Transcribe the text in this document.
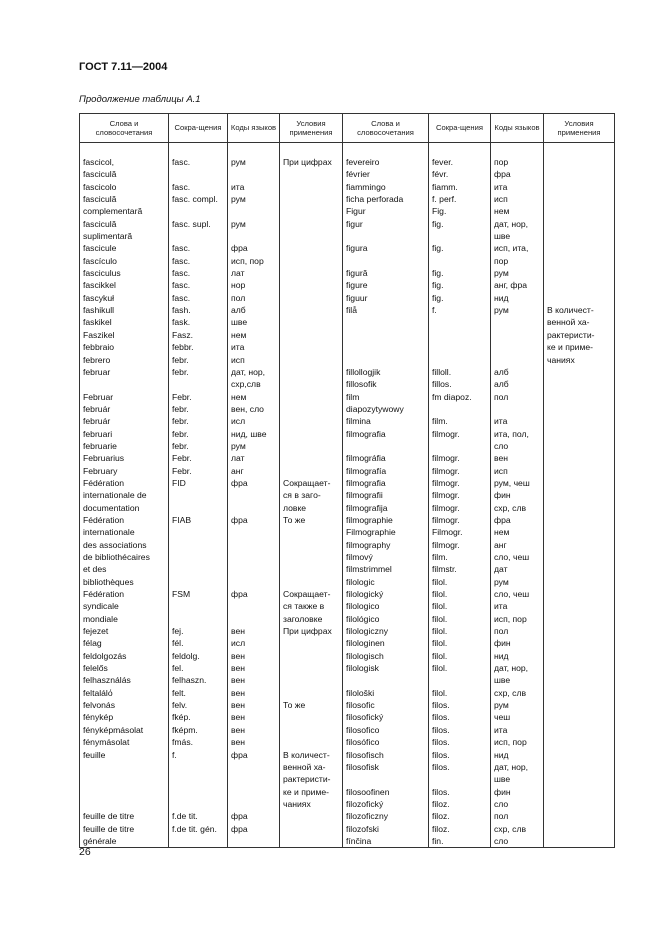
ГОСТ 7.11—2004
Продолжение таблицы А.1
Слова и словосочетания	Сокра-щения	Коды языков	Условия применения	Слова и словосочетания	Сокра-щения	Коды языков	Условия применения

fascicol,	fasc.	рум	При цифрах	fevereiro	fever.	пор	
fasciculă				février	févr.	фра	
fascicolo	fasc.	ита		fiammingo	fiamm.	ита	
fasciculă	fasc. compl.	рум		ficha perforada	f. perf.	исп	
complementară				Figur	Fig.	нем	
fasciculă	fasc. supl.	рум		figur	fig.	дат, нор,	
suplimentară						шве	
fascicule	fasc.	фра		figura	fig.	исп, ита,	
fascículo	fasc.	исп, пор				пор	
fasciculus	fasc.	лат		figură	fig.	рум	
fascikkel	fasc.	нор		figure	fig.	анг, фра	
fascykuł	fasc.	пол		figuur	fig.	нид	
fashikull	fash.	алб		filå	f.	рум	В количест-
faskikel	fask.	шве					венной ха-
Faszikel	Fasz.	нем					рактеристи-
febbraio	febbr.	ита					ке и приме-
febrero	febr.	исп					чаниях
februar	febr.	дат, нор,		fillollogjik	filloll.	алб	
		схр,слв		fillosofik	fillos.	алб	
Februar	Febr.	нем		film	fm diapoz.	пол	
február	febr.	вен, сло		diapozytywowy			
február	febr.	исл		filmina	film.	ита	
februari	febr.	нид, шве		filmografia	filmogr.	ита, пол,	
februarie	febr.	рум				сло	
Februarius	Febr.	лат		filmográfia	filmogr.	вен	
February	Febr.	анг		filmografía	filmogr.	исп	
Fédération	FID	фра	Сокращает-	filmografia	filmogr.	рум, чеш	
internationale de			ся в загo-	filmografii	filmogr.	фин	
documentation			ловке	filmografija	filmogr.	схр, слв	
Fédération	FIAB	фра	То же	filmographie	filmogr.	фра	
internationale				Filmographie	Filmogr.	нем	
des associations				filmography	filmogr.	анг	
de bibliothécaires				filmový	film.	сло, чеш	
et des				filmstrimmel	filmstr.	дат	
bibliothèques				filologic	filol.	рум	
Fédération	FSM	фра	Сокращает-	filologický	filol.	сло, чеш	
syndicale			ся также в	filologico	filol.	ита	
mondiale			заголовке	filológico	filol.	исп, пор	
fejezet	fej.	вен	При цифрах	filologiczny	filol.	пол	
félag	fél.	исл		filologinen	filol.	фин	
feldolgozás	feldolg.	вен		filologisch	filol.	нид	
felelős	fel.	вен		filologisk	filol.	дат, нор,	
felhasználás	felhaszn.	вен				шве	
feltalálό	felt.	вен		filološki	filol.	схр, слв	
felvonás	felv.	вен	То же	filosofic	filos.	рум	
fénykép	fkép.	вен		filosofický	filos.	чеш	
fényképmásolat	fképm.	вен		filosofico	filos.	ита	
fénymásolat	fmás.	вен		filosófico	filos.	исп, пор	
feuille	f.	фра	В количест-	filosofisch	filos.	нид	
			венной ха-	filosofisk	filos.	дат, нор,	
			рактеристи-			шве	
			ке и приме-	filosoofinen	filos.	фин	
			чаниях	filozofický	filoz.	сло	
feuille de titre	f.de tit.	фра		filozoficzny	filoz.	пол	
feuille de titre	f.de tit. gén.	фра		filozofski	filoz.	схр, слв	
générale				fínčina	fin.	сло	
26
